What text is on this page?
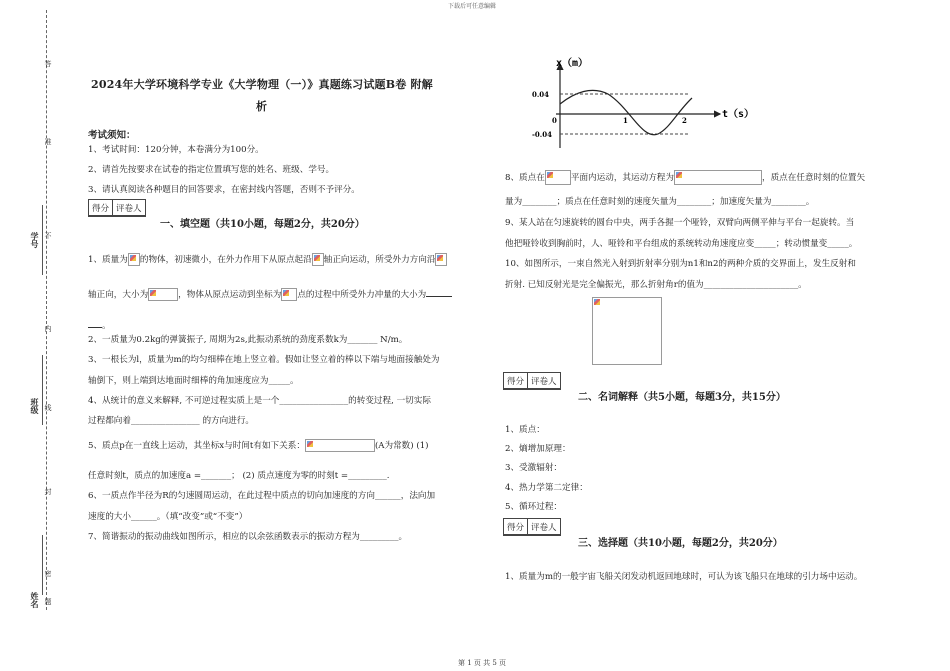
下载后可任意编辑
第 1 页 共 5 页
学号
班级
姓名
答
准
不
内
线
封
密
题
2024年大学环境科学专业《大学物理（一）》真题练习试题B卷 附解
析
考试须知：
1、考试时间：120分钟，本卷满分为100分。
2、请首先按要求在试卷的指定位置填写您的姓名、班级、学号。
3、请认真阅读各种题目的回答要求，在密封线内答题，否则不予评分。
得分 评卷人
一、填空题（共10小题，每题2分，共20分）
1、质量为 的物体，初速微小，在外力作用下从原点起沿 轴正向运动，所受外力方向沿
轴正向，大小为	，物体从原点运动到坐标为 点的过程中所受外力冲量的大小为
。
2、一质量为0.2kg的弹簧振子, 周期为2s,此振动系统的劲度系数k为_______ N/m。
3、一根长为l，质量为m的均匀细棒在地上竖立着。假如让竖立着的棒以下端与地面接触处为
轴倒下，则上端到达地面时细棒的角加速度应为_____。
4、从统计的意义来解释, 不可逆过程实质上是一个________________的转变过程, 一切实际
过程都向着________________ 的方向进行。
5、质点p在一直线上运动，其坐标x与时间t有如下关系：	(A为常数) (1)
任意时刻t，质点的加速度a =_______； (2) 质点速度为零的时刻t =_________.
6、一质点作半径为R的匀速圆周运动，在此过程中质点的切向加速度的方向______，法向加
速度的大小______。（填“改变”或“不变”）
7、简谐振动的振动曲线如图所示，相应的以余弦函数表示的振动方程为_________。
x（m）
t（s）
0.04
-0.04
0	1	2
8、质点在	平面内运动，其运动方程为	，质点在任意时刻的位置矢
量为________；质点在任意时刻的速度矢量为________；加速度矢量为________。
9、某人站在匀速旋转的圆台中央，两手各握一个哑铃，双臂向两侧平伸与平台一起旋转。当
他把哑铃收到胸前时，人、哑铃和平台组成的系统转动角速度应变_____；转动惯量变_____。
10、如图所示，一束自然光入射到折射率分别为n1和n2的两种介质的交界面上，发生反射和
折射. 已知反射光是完全偏振光，那么折射角r的值为______________________。
得分 评卷人
二、名词解释（共5小题，每题3分，共15分）
1、质点：
2、熵增加原理：
3、受激辐射：
4、热力学第二定律：
5、循环过程：
得分 评卷人
三、选择题（共10小题，每题2分，共20分）
1、质量为m的一般宇宙飞船关闭发动机返回地球时，可认为该飞船只在地球的引力场中运动。
